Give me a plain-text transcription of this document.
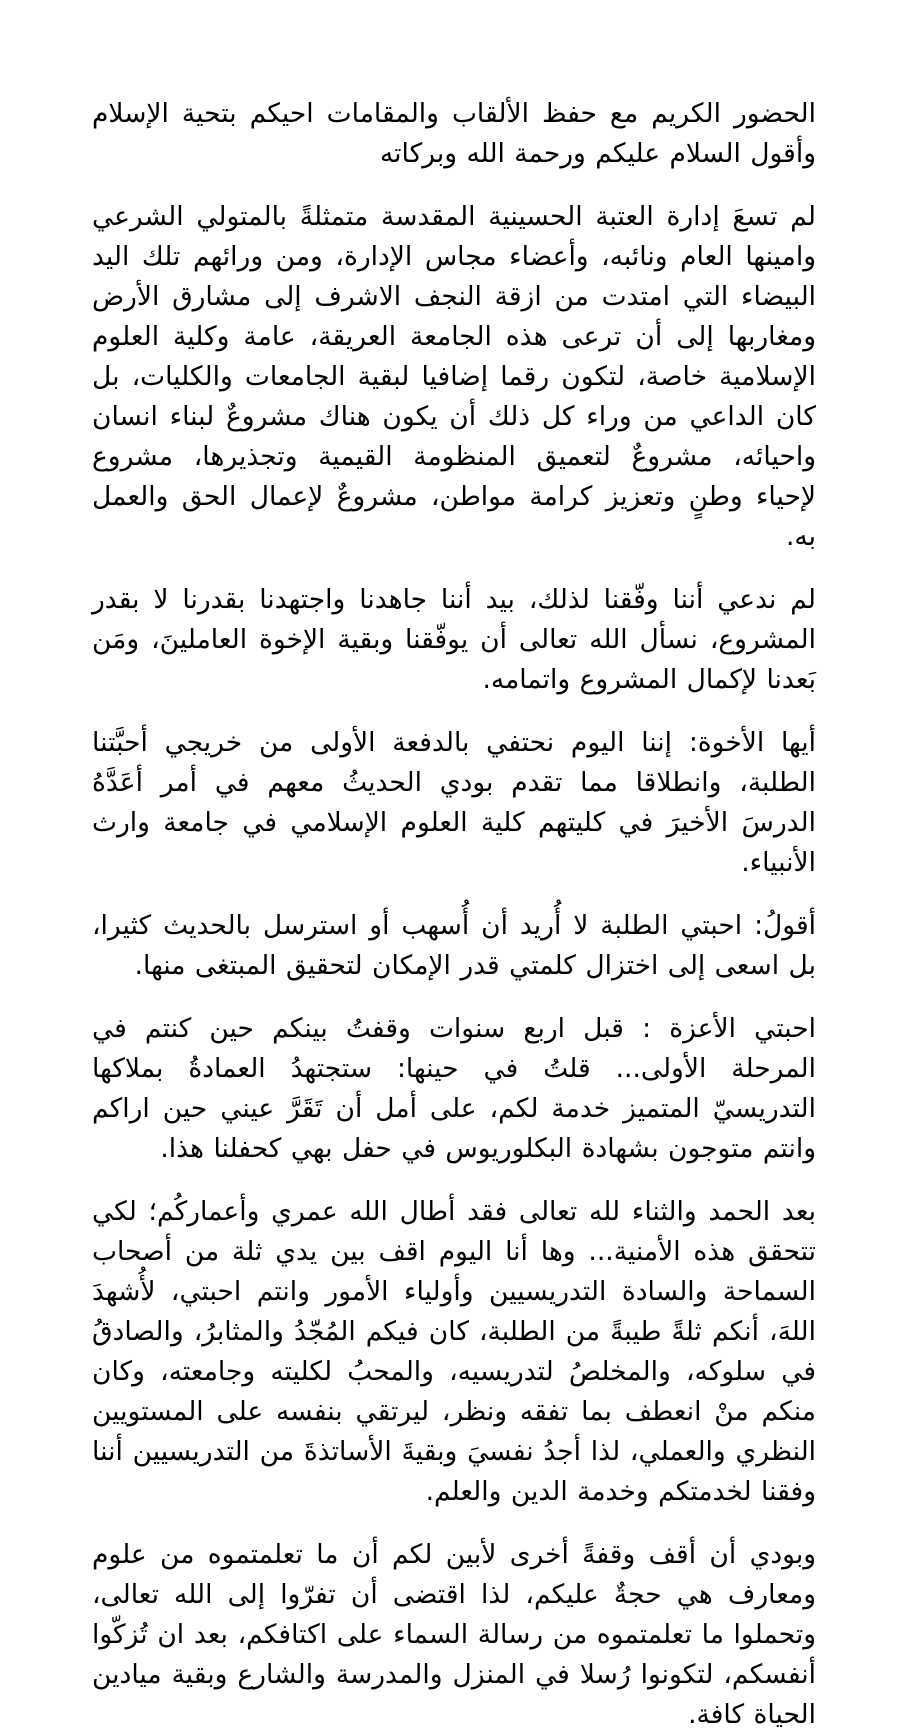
الحضور الكريم مع حفظ الألقاب والمقامات احيكم بتحية الإسلام وأقول السلام عليكم ورحمة الله وبركاته

لم تسعَ إدارة العتبة الحسينية المقدسة متمثلةً بالمتولي الشرعي وامينها العام ونائبه، وأعضاء مجاس الإدارة، ومن ورائهم تلك اليد البيضاء التي امتدت من ازقة النجف الاشرف إلى مشارق الأرض ومغاربها إلى أن ترعى هذه الجامعة العريقة، عامة وكلية العلوم الإسلامية خاصة، لتكون رقما إضافيا لبقية الجامعات والكليات، بل كان الداعي من وراء كل ذلك أن يكون هناك مشروعٌ لبناء انسان واحيائه، مشروعٌ لتعميق المنظومة القيمية وتجذيرها، مشروع لإحياء وطنٍ وتعزيز كرامة مواطن، مشروعٌ لإعمال الحق والعمل به.

لم ندعي أننا وفّقنا لذلك، بيد أننا جاهدنا واجتهدنا بقدرنا لا بقدر المشروع، نسأل الله تعالى أن يوفّقنا وبقية الإخوة العاملينَ، ومَن بَعدنا لإكمال المشروع واتمامه.

أيها الأخوة: إننا اليوم نحتفي بالدفعة الأولى من خريجي أحبَّتنا الطلبة، وانطلاقا مما تقدم بودي الحديثُ معهم في أمر أعَدَّهُ الدرسَ الأخيرَ في كليتهم كلية العلوم الإسلامي في جامعة وارث الأنبياء.

أقولُ: احبتي الطلبة لا أُريد أن أُسهب أو استرسل بالحديث كثيرا، بل اسعى إلى اختزال كلمتي قدر الإمكان لتحقيق المبتغى منها.

احبتي الأعزة : قبل اربع سنوات وقفتُ بينكم حين كنتم في المرحلة الأولى... قلتُ في حينها: ستجتهدُ العمادةُ بملاكها التدريسيّ المتميز خدمة لكم، على أمل أن تَقَرَّ عيني حين اراكم وانتم متوجون بشهادة البكلوريوس في حفل بهي كحفلنا هذا.

بعد الحمد والثناء لله تعالى فقد أطال الله عمري وأعماركُم؛ لكي تتحقق هذه الأمنية... وها أنا اليوم اقف بين يدي ثلة من أصحاب السماحة والسادة التدريسيين وأولياء الأمور وانتم احبتي، لأُشهدَ اللهَ، أنكم ثلةً طيبةً من الطلبة، كان فيكم المُجّدُ والمثابرُ، والصادقُ في سلوكه، والمخلصُ لتدريسيه، والمحبُ لكليته وجامعته، وكان منكم منْ انعطف بما تفقه ونظر، ليرتقي بنفسه على المستويين النظري والعملي، لذا أجدُ نفسيَ وبقيةَ الأساتذةَ من التدريسيين أننا وفقنا لخدمتكم وخدمة الدين والعلم.

وبودي أن أقف وقفةً أخرى لأبين لكم أن ما تعلمتموه من علوم ومعارف هي حجةٌ عليكم، لذا اقتضى أن تفرّوا إلى الله تعالى، وتحملوا ما تعلمتموه من رسالة السماء على اكتافكم، بعد ان تُزكّوا أنفسكم، لتكونوا رُسلا في المنزل والمدرسة والشارع وبقية ميادين الحياة كافة.
